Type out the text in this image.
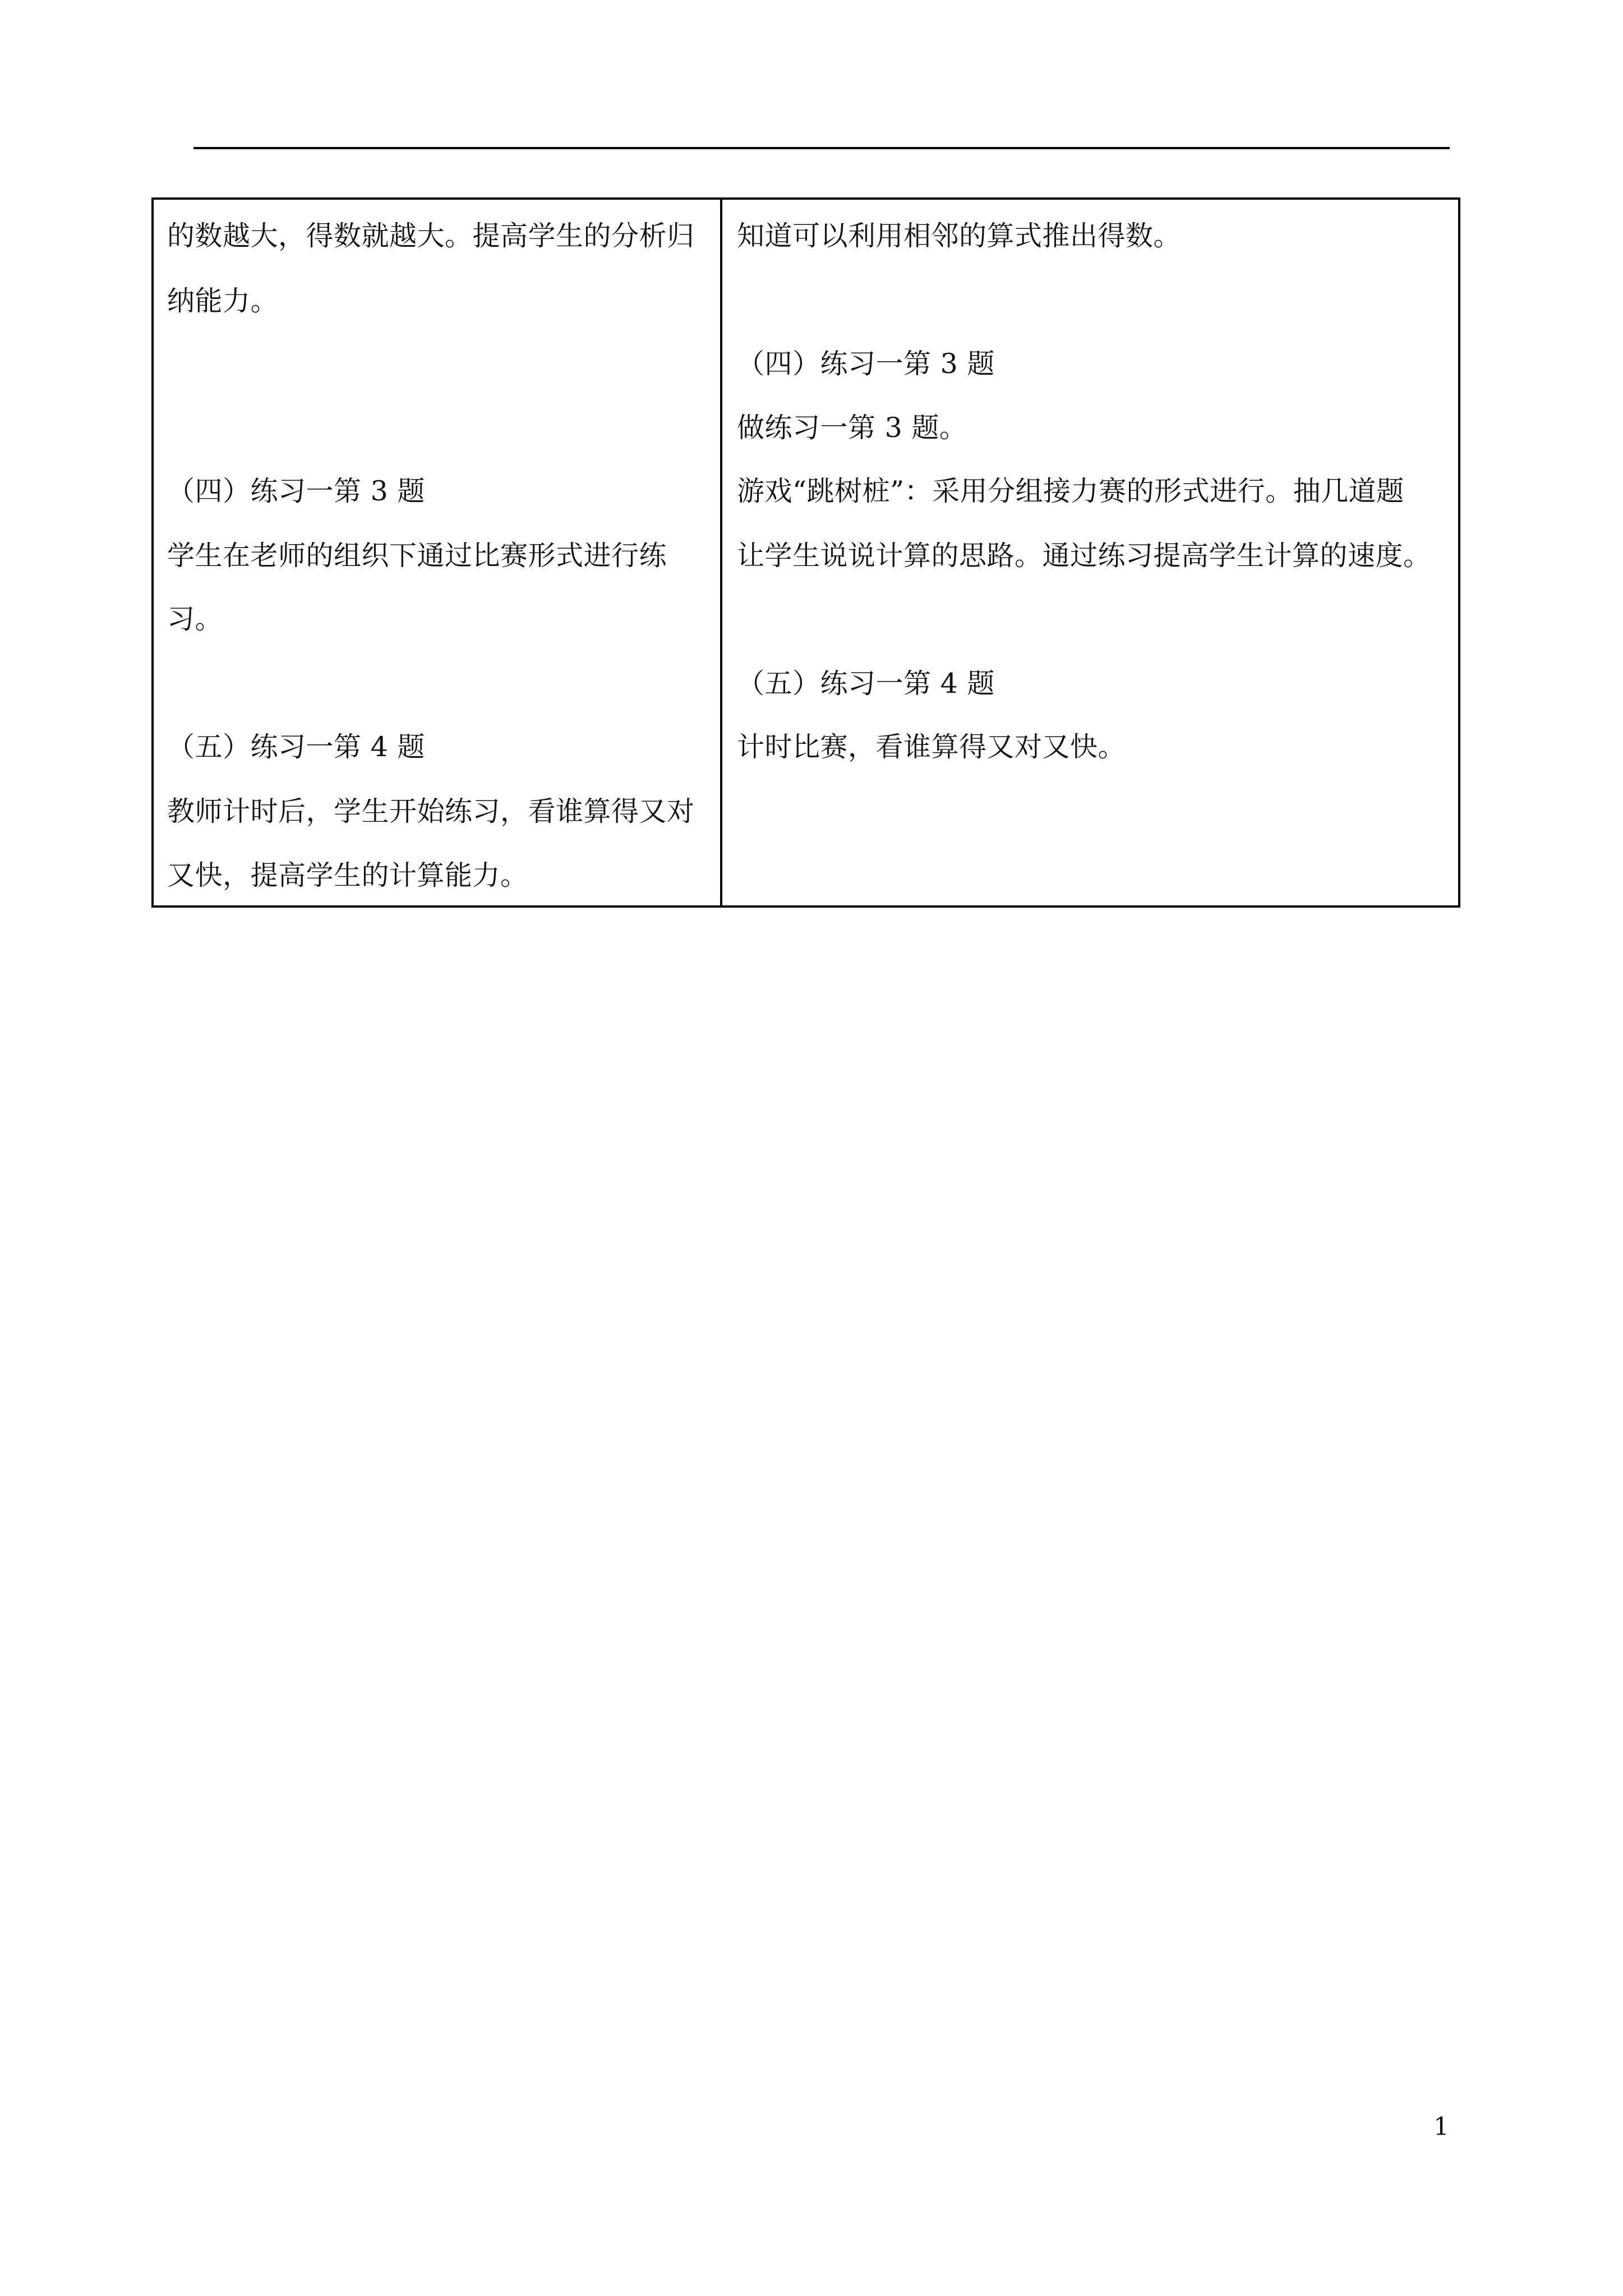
的数越大，得数就越大。提高学生的分析归
纳能力。
（四）练习一第 3 题
学生在老师的组织下通过比赛形式进行练
习。
（五）练习一第 4 题
教师计时后，学生开始练习，看谁算得又对
又快，提高学生的计算能力。
知道可以利用相邻的算式推出得数。
（四）练习一第 3 题
做练习一第 3 题。
游戏“跳树桩”：采用分组接力赛的形式进行。抽几道题
让学生说说计算的思路。通过练习提高学生计算的速度。
（五）练习一第 4 题
计时比赛，看谁算得又对又快。
1
